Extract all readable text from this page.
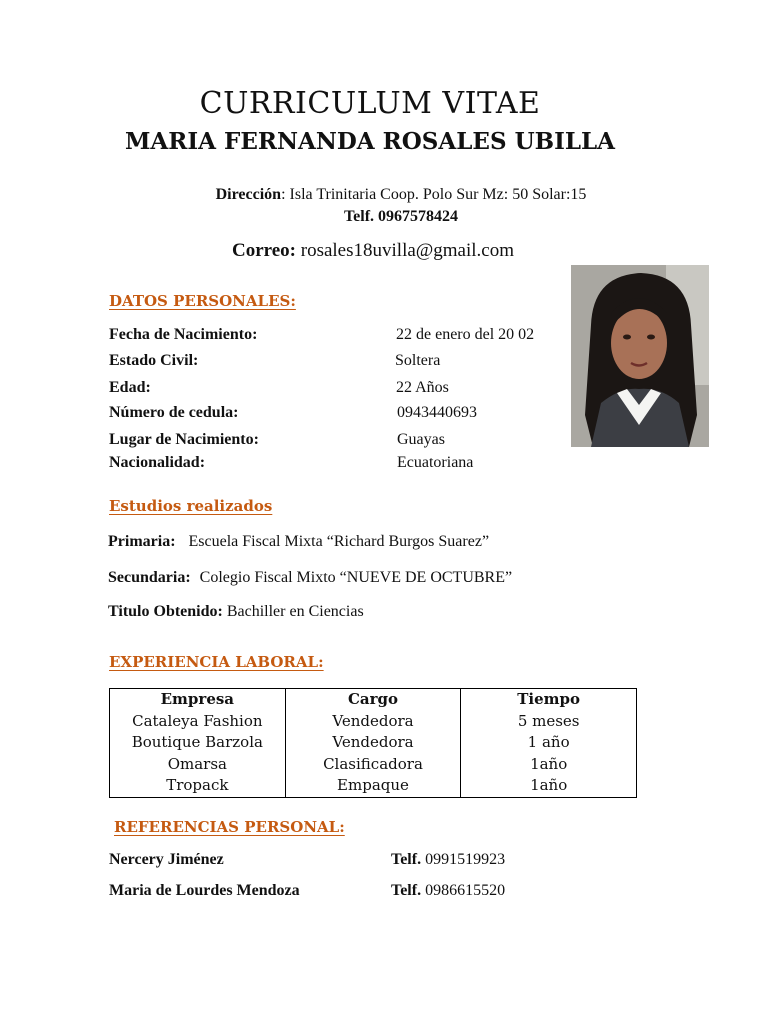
CURRICULUM VITAE
MARIA FERNANDA ROSALES UBILLA
Dirección: Isla Trinitaria Coop. Polo Sur Mz: 50 Solar:15
Telf. 0967578424
Correo: rosales18uvilla@gmail.com
DATOS PERSONALES:
Fecha de Nacimiento:	22 de enero del 20 02
Estado Civil:	Soltera
Edad:	22 Años
Número de cedula:	0943440693
Lugar de Nacimiento:	Guayas
Nacionalidad:	Ecuatoriana
Estudios realizados
Primaria: Escuela Fiscal Mixta “Richard Burgos Suarez”
Secundaria: Colegio Fiscal Mixto “NUEVE DE OCTUBRE”
Titulo Obtenido: Bachiller en Ciencias
EXPERIENCIA LABORAL:
Empresa	Cargo	Tiempo
Cataleya Fashion	Vendedora	5 meses
Boutique Barzola	Vendedora	1 año
Omarsa	Clasificadora	1año
Tropack	Empaque	1año
REFERENCIAS PERSONAL:
Nercery Jiménez	Telf. 0991519923
Maria de Lourdes Mendoza	Telf. 0986615520
